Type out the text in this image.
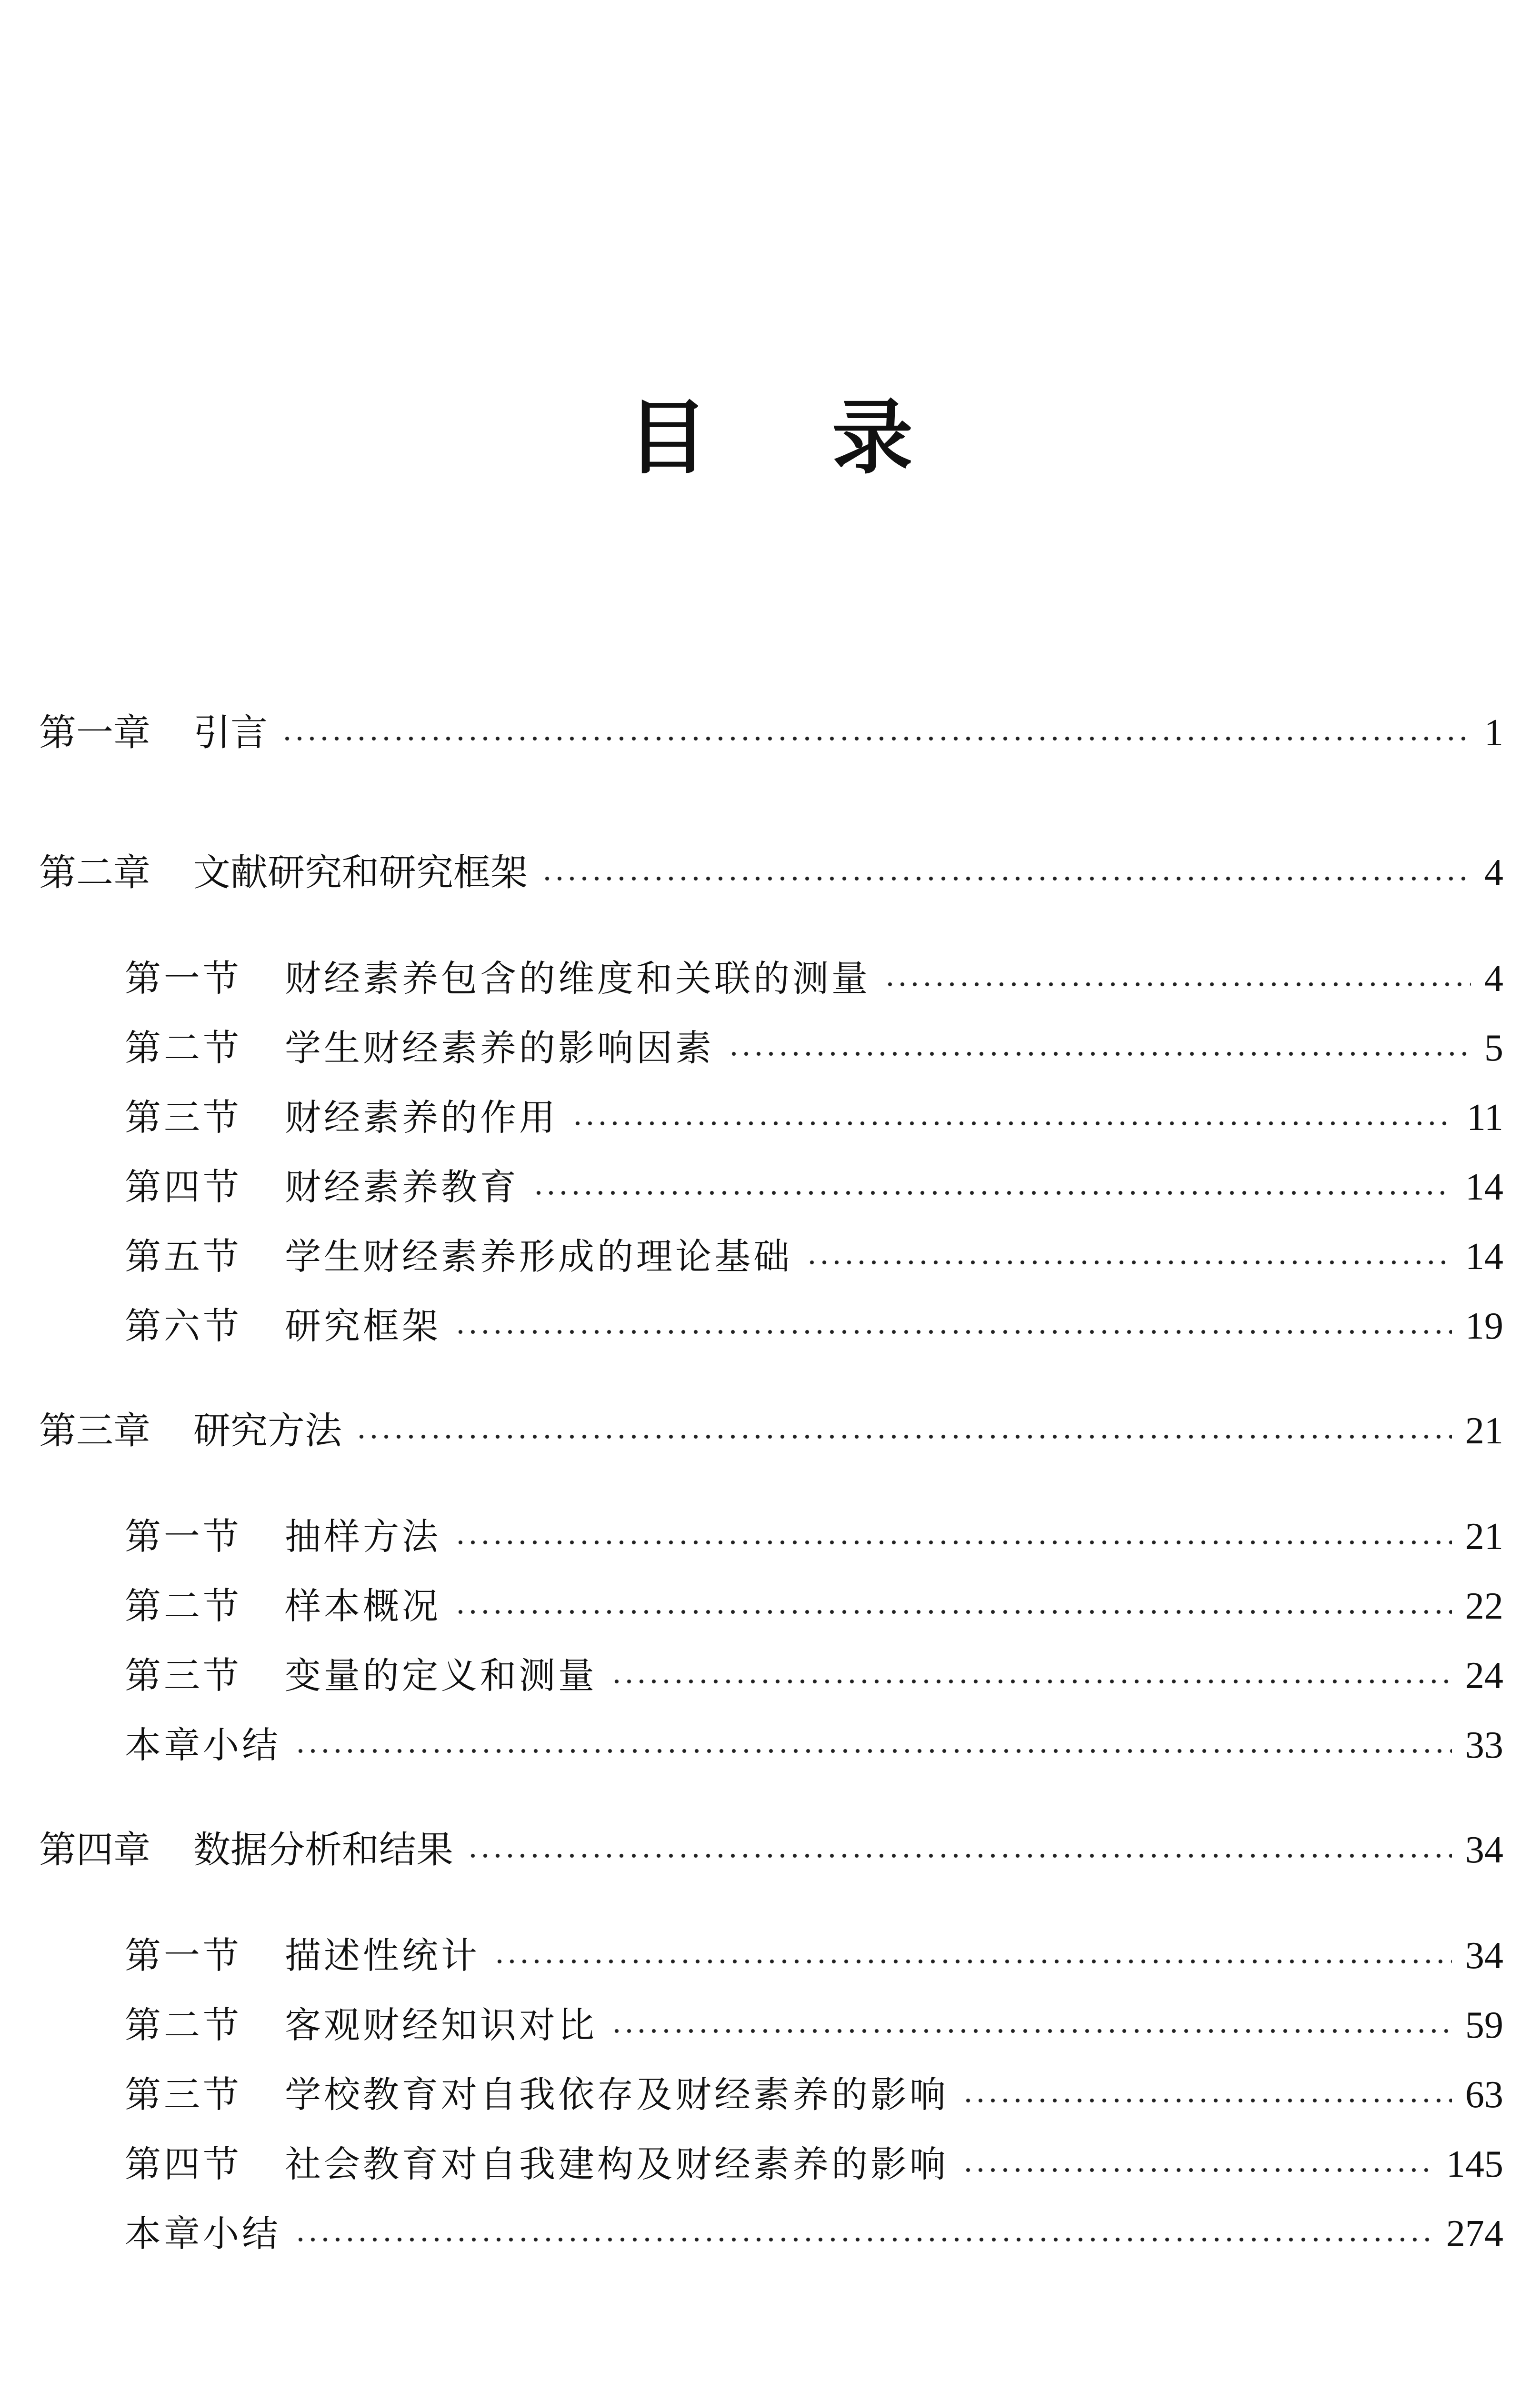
目录
第一章 引言	1
第二章 文献研究和研究框架	4
第一节 财经素养包含的维度和关联的测量	4
第二节 学生财经素养的影响因素	5
第三节 财经素养的作用	11
第四节 财经素养教育	14
第五节 学生财经素养形成的理论基础	14
第六节 研究框架	19
第三章 研究方法	21
第一节 抽样方法	21
第二节 样本概况	22
第三节 变量的定义和测量	24
本章小结	33
第四章 数据分析和结果	34
第一节 描述性统计	34
第二节 客观财经知识对比	59
第三节 学校教育对自我依存及财经素养的影响	63
第四节 社会教育对自我建构及财经素养的影响	145
本章小结	274
